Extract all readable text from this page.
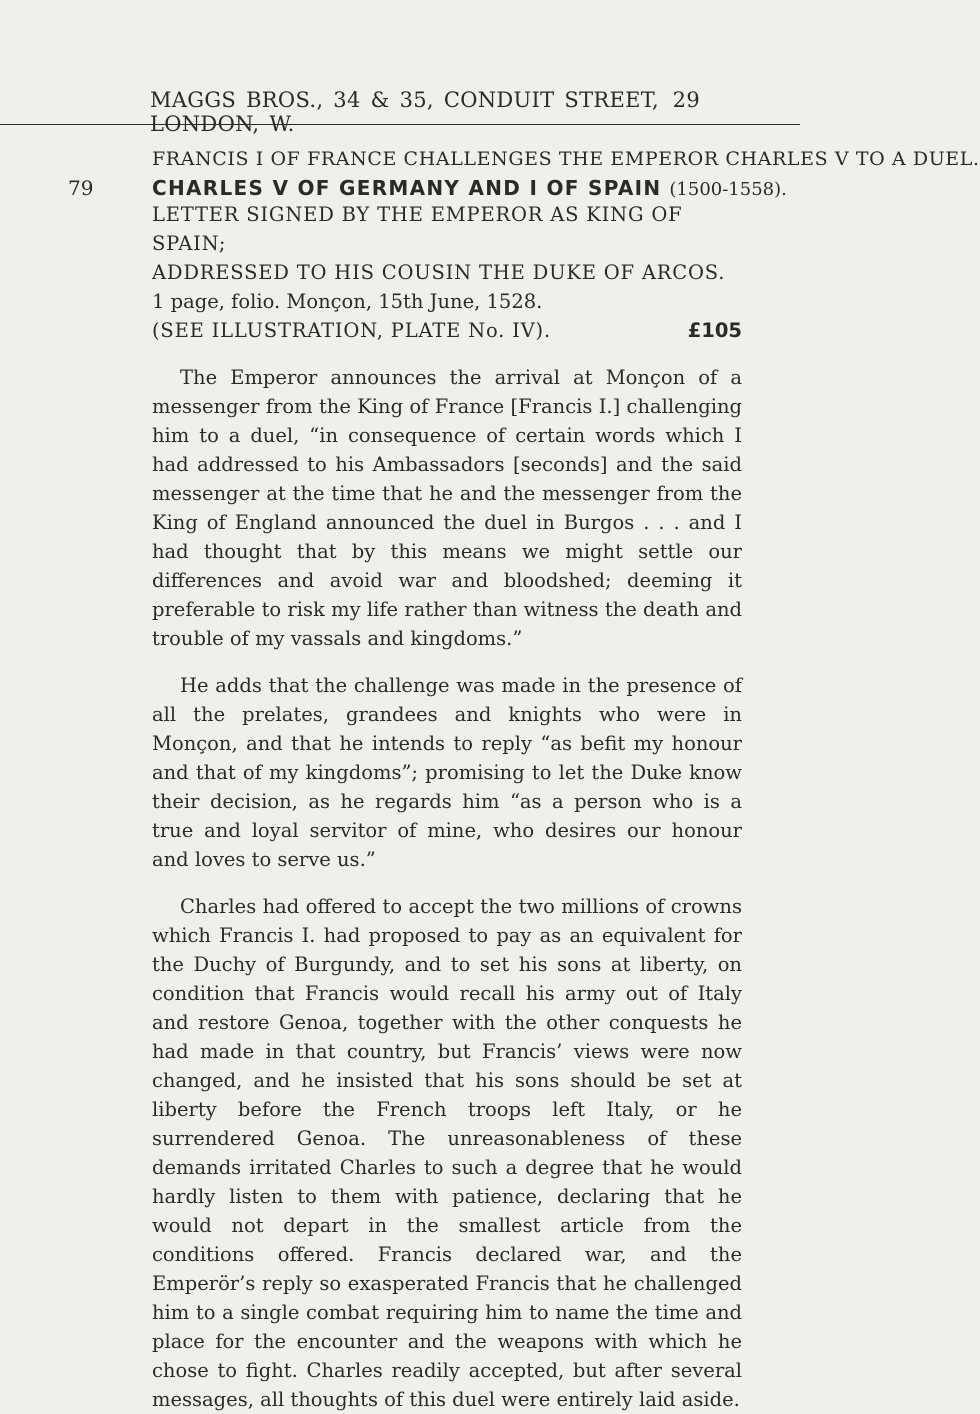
MAGGS BROS., 34 & 35, CONDUIT STREET, LONDON, W.
29
FRANCIS I OF FRANCE CHALLENGES THE EMPEROR CHARLES V TO A DUEL.
79	CHARLES V OF GERMANY AND I OF SPAIN (1500-1558).
LETTER SIGNED BY THE EMPEROR AS KING OF SPAIN;
ADDRESSED TO HIS COUSIN THE DUKE OF ARCOS.
1 page, folio. Monçon, 15th June, 1528.
(SEE ILLUSTRATION, PLATE No. IV).	£105

The Emperor announces the arrival at Monçon of a messenger from the King of France [Francis I.] challenging him to a duel, “in consequence of certain words which I had addressed to his Ambassadors [seconds] and the said messenger at the time that he and the messenger from the King of England announced the duel in Burgos . . . and I had thought that by this means we might settle our differences and avoid war and bloodshed; deeming it preferable to risk my life rather than witness the death and trouble of my vassals and kingdoms.”

He adds that the challenge was made in the presence of all the prelates, grandees and knights who were in Monçon, and that he intends to reply “as befit my honour and that of my kingdoms”; promising to let the Duke know their decision, as he regards him “as a person who is a true and loyal servitor of mine, who desires our honour and loves to serve us.”

Charles had offered to accept the two millions of crowns which Francis I. had proposed to pay as an equivalent for the Duchy of Burgundy, and to set his sons at liberty, on condition that Francis would recall his army out of Italy and restore Genoa, together with the other conquests he had made in that country, but Francis’ views were now changed, and he insisted that his sons should be set at liberty before the French troops left Italy, or he surrendered Genoa. The unreasonableness of these demands irritated Charles to such a degree that he would hardly listen to them with patience, declaring that he would not depart in the smallest article from the conditions offered. Francis declared war, and the Emperör’s reply so exasperated Francis that he challenged him to a single combat requiring him to name the time and place for the encounter and the weapons with which he chose to fight. Charles readily accepted, but after several messages, all thoughts of this duel were entirely laid aside.
